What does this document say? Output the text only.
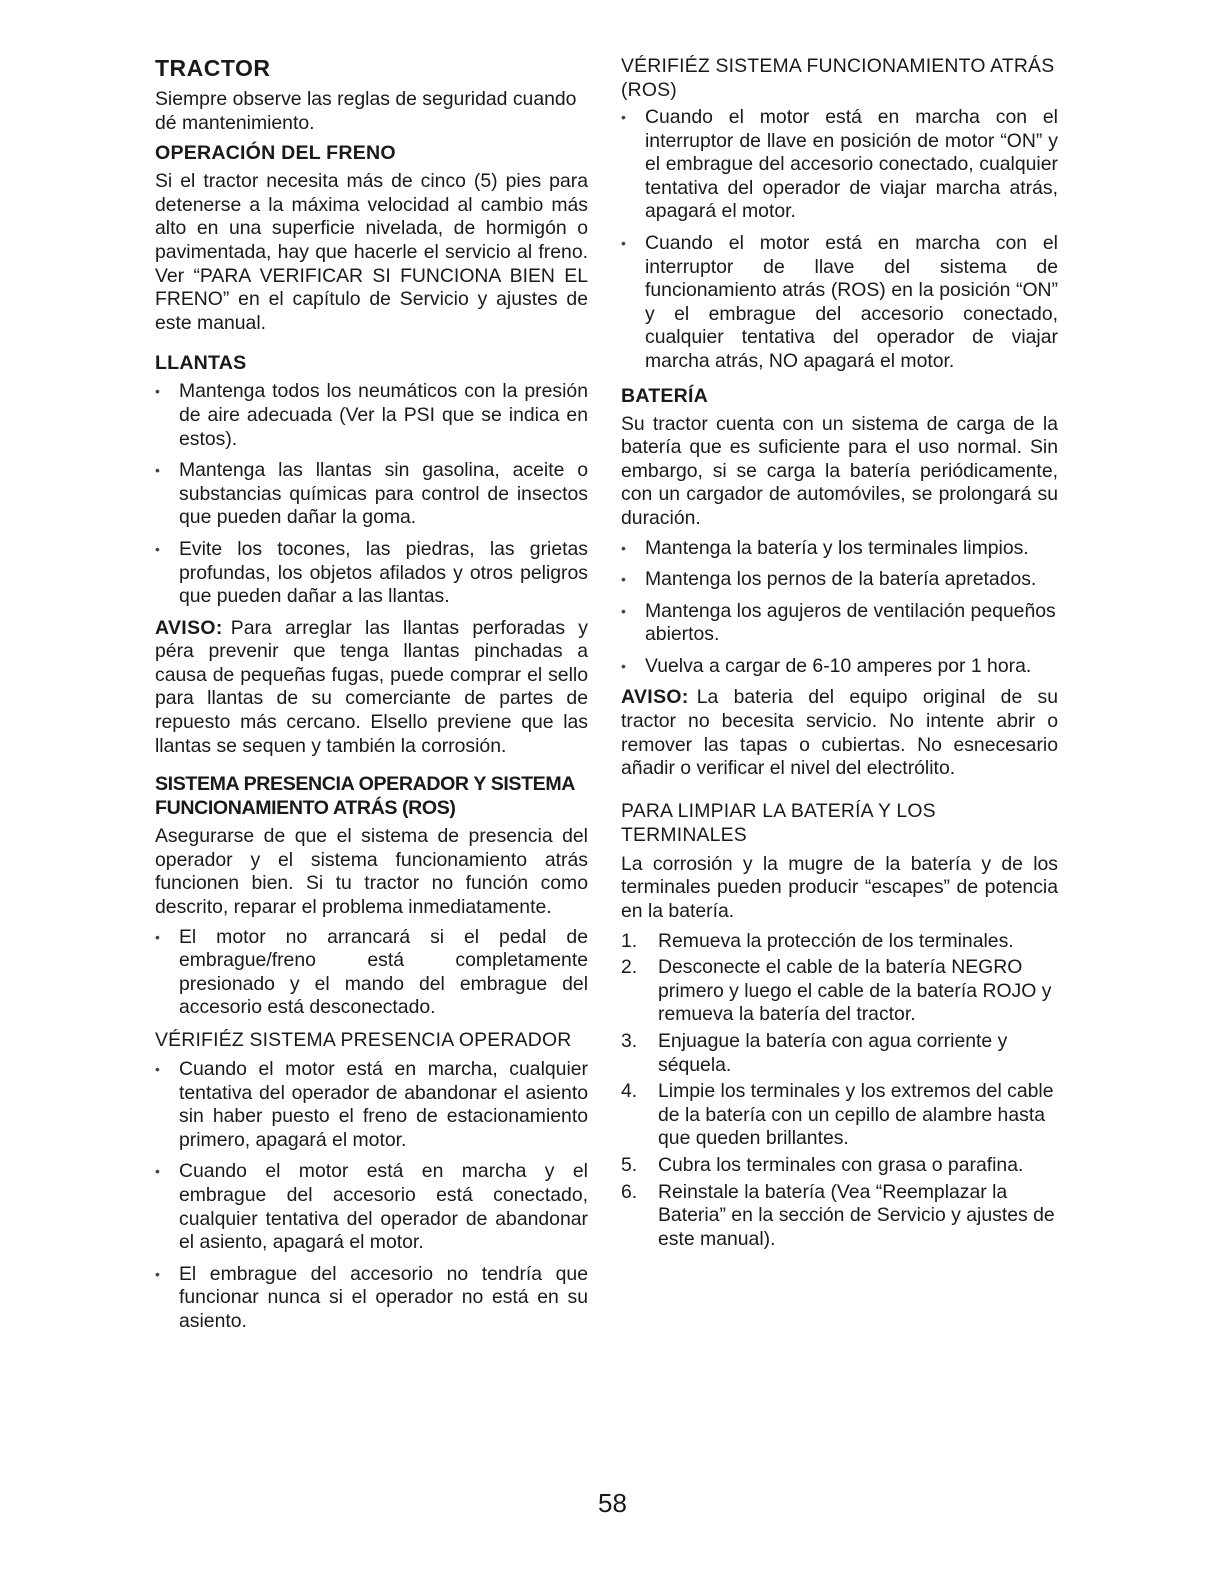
TRACTOR

Siempre observe las reglas de seguridad cuando dé mantenimiento.

OPERACIÓN DEL FRENO

Si el tractor necesita más de cinco (5) pies para detenerse a la máxima velocidad al cambio más alto en una superficie nivelada, de hormigón o pavimentada, hay que hacerle el servicio al freno. Ver “PARA VERIFICAR SI FUNCIONA BIEN EL FRENO” en el capítulo de Servicio y ajustes de este manual.

LLANTAS
• Mantenga todos los neumáticos con la presión de aire adecuada (Ver la PSI que se indica en estos).
• Mantenga las llantas sin gasolina, aceite o substancias químicas para control de insectos que pueden dañar la goma.
• Evite los tocones, las piedras, las grietas profundas, los objetos afilados y otros peligros que pueden dañar a las llantas.

AVISO: Para arreglar las llantas perforadas y péra prevenir que tenga llantas pinchadas a causa de pequeñas fugas, puede comprar el sello para llantas de su comerciante de partes de repuesto más cercano. Elsello previene que las llantas se sequen y también la corrosión.

SISTEMA PRESENCIA OPERADOR Y SISTEMA FUNCIONAMIENTO ATRÁS (ROS)

Asegurarse de que el sistema de presencia del operador y el sistema funcionamiento atrás funcionen bien. Si tu tractor no función como descrito, reparar el problema inmediatamente.

• El motor no arrancará si el pedal de embrague/freno está completamente presionado y el mando del embrague del accesorio está desconectado.
VÉRIFIÉZ SISTEMA PRESENCIA OPERADOR
• Cuando el motor está en marcha, cualquier tentativa del operador de abandonar el asiento sin haber puesto el freno de estacionamiento primero, apagará el motor.
• Cuando el motor está en marcha y el embrague del accesorio está conectado, cualquier tentativa del operador de abandonar el asiento, apagará el motor.
• El embrague del accesorio no tendría que funcionar nunca si el operador no está en su asiento.
VÉRIFIÉZ SISTEMA FUNCIONAMIENTO ATRÁS (ROS)
• Cuando el motor está en marcha con el interruptor de llave en posición de motor “ON” y el embrague del accesorio conectado, cualquier tentativa del operador de viajar marcha atrás, apagará el motor.
• Cuando el motor está en marcha con el interruptor de llave del sistema de funcionamiento atrás (ROS) en la posición “ON” y el embrague del accesorio conectado, cualquier tentativa del operador de viajar marcha atrás, NO apagará el motor.
BATERÍA

Su tractor cuenta con un sistema de carga de la batería que es suficiente para el uso normal. Sin embargo, si se carga la batería periódicamente, con un cargador de automóviles, se prolongará su duración.

• Mantenga la batería y los terminales limpios.
• Mantenga los pernos de la batería apretados.
• Mantenga los agujeros de ventilación pequeños abiertos.
• Vuelva a cargar de 6-10 amperes por 1 hora.

AVISO: La bateria del equipo original de su tractor no becesita servicio. No intente abrir o remover las tapas o cubiertas. No esnecesario añadir o verificar el nivel del electrólito.

PARA LIMPIAR LA BATERÍA Y LOS TERMINALES

La corrosión y la mugre de la batería y de los terminales pueden producir “escapes” de potencia en la batería.

1. Remueva la protección de los terminales.
2. Desconecte el cable de la batería NEGRO primero y luego el cable de la batería ROJO y remueva la batería del tractor.
3. Enjuague la batería con agua corriente y séquela.
4. Limpie los terminales y los extremos del cable de la batería con un cepillo de alambre hasta que queden brillantes.
5. Cubra los terminales con grasa o parafina.
6. Reinstale la batería (Vea “Reemplazar la Bateria” en la sección de Servicio y ajustes de este manual).
58
